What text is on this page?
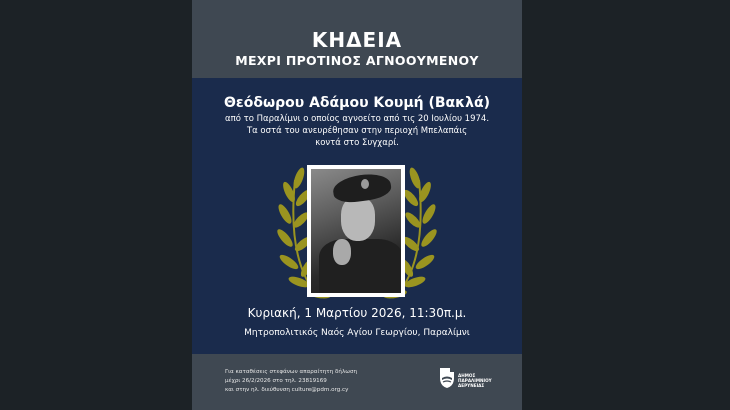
ΚΗΔΕΙΑ
ΜΕΧΡΙ ΠΡΟΤΙΝΟΣ ΑΓΝΟΟΥΜΕΝΟΥ
Θεόδωρου Αδάμου Κουμή (Βακλά)
από το Παραλίμνι ο οποίος αγνοείτο από τις 20 Ιουλίου 1974.
Τα οστά του ανευρέθησαν στην περιοχή Μπελαπάις
κοντά στο Συγχαρί.
Κυριακή, 1 Μαρτίου 2026, 11:30π.μ.
Μητροπολιτικός Ναός Αγίου Γεωργίου, Παραλίμνι
Για καταθέσεις στεφάνων απαραίτητη δήλωση
μέχρι 26/2/2026 στο τηλ. 23819169
και στην ηλ. διεύθυνση culture@pdm.org.cy
ΔΗΜΟΣ
ΠΑΡΑΛΙΜΝΙΟΥ
ΔΕΡΥΝΕΙΑΣ
